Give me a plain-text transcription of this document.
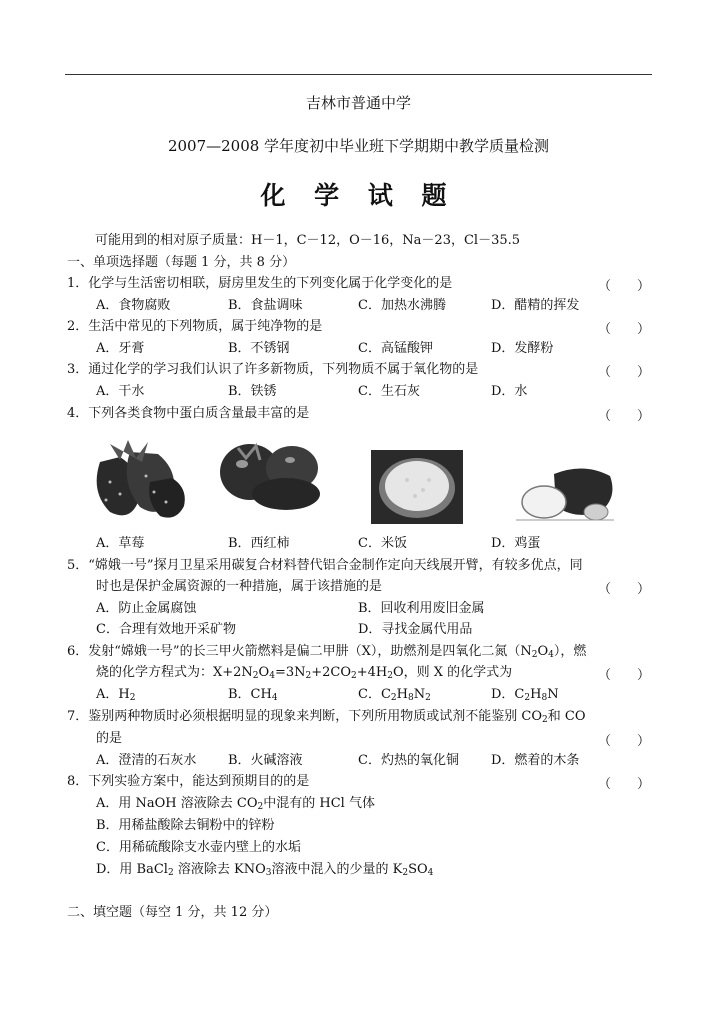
吉林市普通中学
2007—2008 学年度初中毕业班下学期期中教学质量检测
化 学 试 题
可能用到的相对原子质量：H－1，C－12，O－16，Na－23，Cl－35.5
一、单项选择题（每题 1 分，共 8 分）
1．化学与生活密切相联，厨房里发生的下列变化属于化学变化的是	（　　）
A．食物腐败	B．食盐调味	C．加热水沸腾	D．醋精的挥发
2．生活中常见的下列物质，属于纯净物的是	（　　）
A．牙膏	B．不锈钢	C．高锰酸钾	D．发酵粉
3．通过化学的学习我们认识了许多新物质，下列物质不属于氧化物的是	（　　）
A．干水	B．铁锈	C．生石灰	D．水
4．下列各类食物中蛋白质含量最丰富的是	（　　）
A．草莓	B．西红柿	C．米饭	D．鸡蛋
5．“嫦娥一号”探月卫星采用碳复合材料替代铝合金制作定向天线展开臂，有较多优点，同
时也是保护金属资源的一种措施，属于该措施的是	（　　）
A．防止金属腐蚀	B．回收利用废旧金属
C．合理有效地开采矿物	D．寻找金属代用品
6．发射“嫦娥一号”的长三甲火箭燃料是偏二甲肼（X），助燃剂是四氧化二氮$(N_2O_4)$，燃
烧的化学方程式为：$X+2N_2O_4=3N_2+2CO_2+4H_2O$，则 X 的化学式为	（　　）
A．$H_2$	B．$CH_4$	C．$C_2H_8N_2$	D．$C_2H_8N$
7．鉴别两种物质时必须根据明显的现象来判断，下列所用物质或试剂不能鉴别 $CO_2$和 CO
的是	（　　）
A．澄清的石灰水 B．火碱溶液	C．灼热的氧化铜 D．燃着的木条
8．下列实验方案中，能达到预期目的的是	（　　）
A．用 NaOH 溶液除去 $CO_2$中混有的 HCl 气体
B．用稀盐酸除去铜粉中的锌粉
C．用稀硫酸除支水壶内壁上的水垢
D．用 BaCl$_2$ 溶液除去 $KNO_3$溶液中混入的少量的 $K_2SO_4$
二、填空题（每空 1 分，共 12 分）
